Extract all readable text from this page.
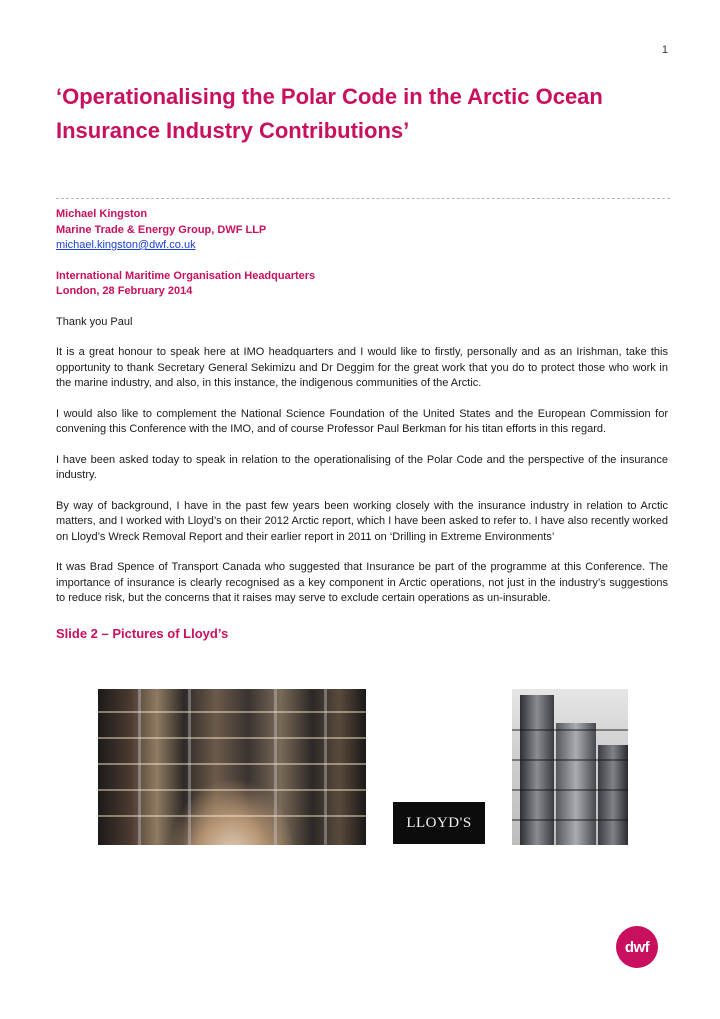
1
‘Operationalising the Polar Code in the Arctic Ocean
Insurance Industry Contributions’
Michael Kingston
Marine Trade & Energy Group, DWF LLP
michael.kingston@dwf.co.uk
International Maritime Organisation Headquarters
London, 28 February 2014

Thank you Paul

It is a great honour to speak here at IMO headquarters and I would like to firstly, personally and as an Irishman, take this opportunity to thank Secretary General Sekimizu and Dr Deggim for the great work that you do to protect those who work in the marine industry, and also, in this instance, the indigenous communities of the Arctic.

I would also like to complement the National Science Foundation of the United States and the European Commission for convening this Conference with the IMO, and of course Professor Paul Berkman for his titan efforts in this regard.

I have been asked today to speak in relation to the operationalising of the Polar Code and the perspective of the insurance industry.

By way of background, I have in the past few years been working closely with the insurance industry in relation to Arctic matters, and I worked with Lloyd’s on their 2012 Arctic report, which I have been asked to refer to. I have also recently worked on Lloyd’s Wreck Removal Report and their earlier report in 2011 on ‘Drilling in Extreme Environments’

It was Brad Spence of Transport Canada who suggested that Insurance be part of the programme at this Conference. The importance of insurance is clearly recognised as a key component in Arctic operations, not just in the industry’s suggestions to reduce risk, but the concerns that it raises may serve to exclude certain operations as un-insurable.

Slide 2 – Pictures of Lloyd’s
LLOYD'S
dwf
